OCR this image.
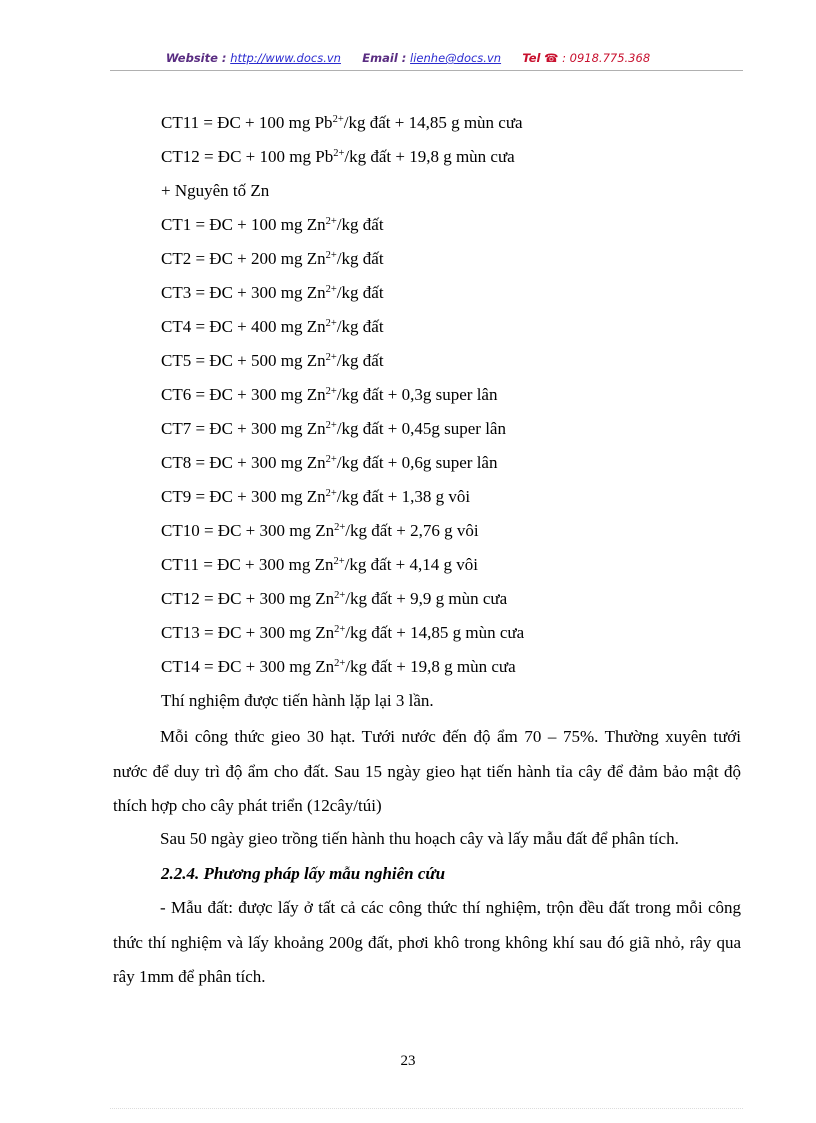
Website : http://www.docs.vn Email : lienhe@docs.vn Tel ☎ : 0918.775.368
CT11 = ĐC + 100 mg $Pb^{2+}/kg$ đất + 14,85 g mùn cưa
CT12 = ĐC + 100 mg $Pb^{2+}/kg$ đất + 19,8 g mùn cưa
+ Nguyên tố Zn
CT1 = ĐC + 100 mg $Zn^{2+}/kg$ đất
CT2 = ĐC + 200 mg $Zn^{2+}/kg$ đất
CT3 = ĐC + 300 mg $Zn^{2+}/kg$ đất
CT4 = ĐC + 400 mg $Zn^{2+}/kg$ đất
CT5 = ĐC + 500 mg $Zn^{2+}/kg$ đất
CT6 = ĐC + 300 mg $Zn^{2+}/kg$ đất + 0,3g super lân
CT7 = ĐC + 300 mg $Zn^{2+}/kg$ đất + 0,45g super lân
CT8 = ĐC + 300 mg $Zn^{2+}/kg$ đất + 0,6g super lân
CT9 = ĐC + 300 mg $Zn^{2+}/kg$ đất + 1,38 g vôi
CT10 = ĐC + 300 mg $Zn^{2+}/kg$ đất + 2,76 g vôi
CT11 = ĐC + 300 mg $Zn^{2+}/kg$ đất + 4,14 g vôi
CT12 = ĐC + 300 mg $Zn^{2+}/kg$ đất + 9,9 g mùn cưa
CT13 = ĐC + 300 mg $Zn^{2+}/kg$ đất + 14,85 g mùn cưa
CT14 = ĐC + 300 mg $Zn^{2+}/kg$ đất + 19,8 g mùn cưa
Thí nghiệm được tiến hành lặp lại 3 lần.
Mỗi công thức gieo 30 hạt. Tưới nước đến độ ẩm 70 – 75%. Thường xuyên tưới nước để duy trì độ ẩm cho đất. Sau 15 ngày gieo hạt tiến hành tỉa cây để đảm bảo mật độ thích hợp cho cây phát triển (12cây/túi)
Sau 50 ngày gieo trồng tiến hành thu hoạch cây và lấy mẫu đất để phân tích.
2.2.4. Phương pháp lấy mẫu nghiên cứu
- Mẫu đất: được lấy ở tất cả các công thức thí nghiệm, trộn đều đất trong mỗi công thức thí nghiệm và lấy khoảng 200g đất, phơi khô trong không khí sau đó giã nhỏ, rây qua rây 1mm để phân tích.
23
